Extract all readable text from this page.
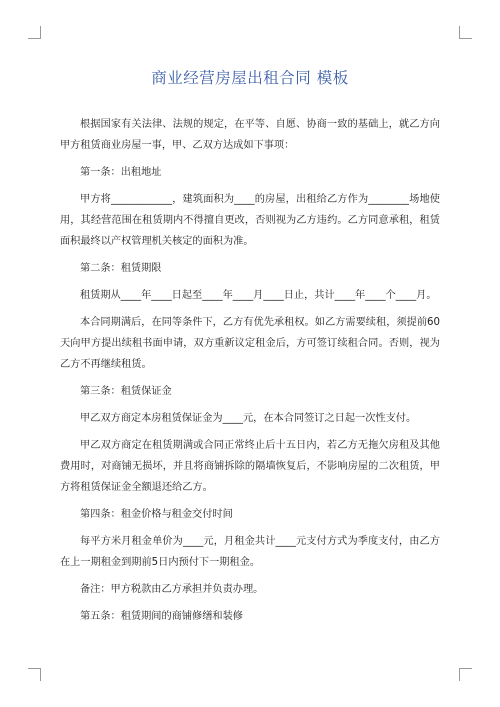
商业经营房屋出租合同 模板

根据国家有关法律、法规的规定，在平等、自愿、协商一致的基础上，就乙方向甲方租赁商业房屋一事，甲、乙双方达成如下事项：

第一条：出租地址

甲方将____________，建筑面积为____的房屋，出租给乙方作为________场地使用，其经营范围在租赁期内不得擅自更改，否则视为乙方违约。乙方同意承租，租赁面积最终以产权管理机关核定的面积为准。

第二条：租赁期限

租赁期从____年____日起至____年____月____日止，共计____年____个____月。

本合同期满后，在同等条件下，乙方有优先承租权。如乙方需要续租，须提前60天向甲方提出续租书面申请，双方重新议定租金后，方可签订续租合同。否则，视为乙方不再继续租赁。

第三条：租赁保证金

甲乙双方商定本房租赁保证金为____元，在本合同签订之日起一次性支付。

甲乙双方商定在租赁期满或合同正常终止后十五日内，若乙方无拖欠房租及其他费用时，对商铺无损坏，并且将商铺拆除的隔墙恢复后，不影响房屋的二次租赁，甲方将租赁保证金全额退还给乙方。

第四条：租金价格与租金交付时间

每平方米月租金单价为____元，月租金共计____元支付方式为季度支付，由乙方在上一期租金到期前5日内预付下一期租金。

备注：甲方税款由乙方承担并负责办理。

第五条：租赁期间的商铺修缮和装修
